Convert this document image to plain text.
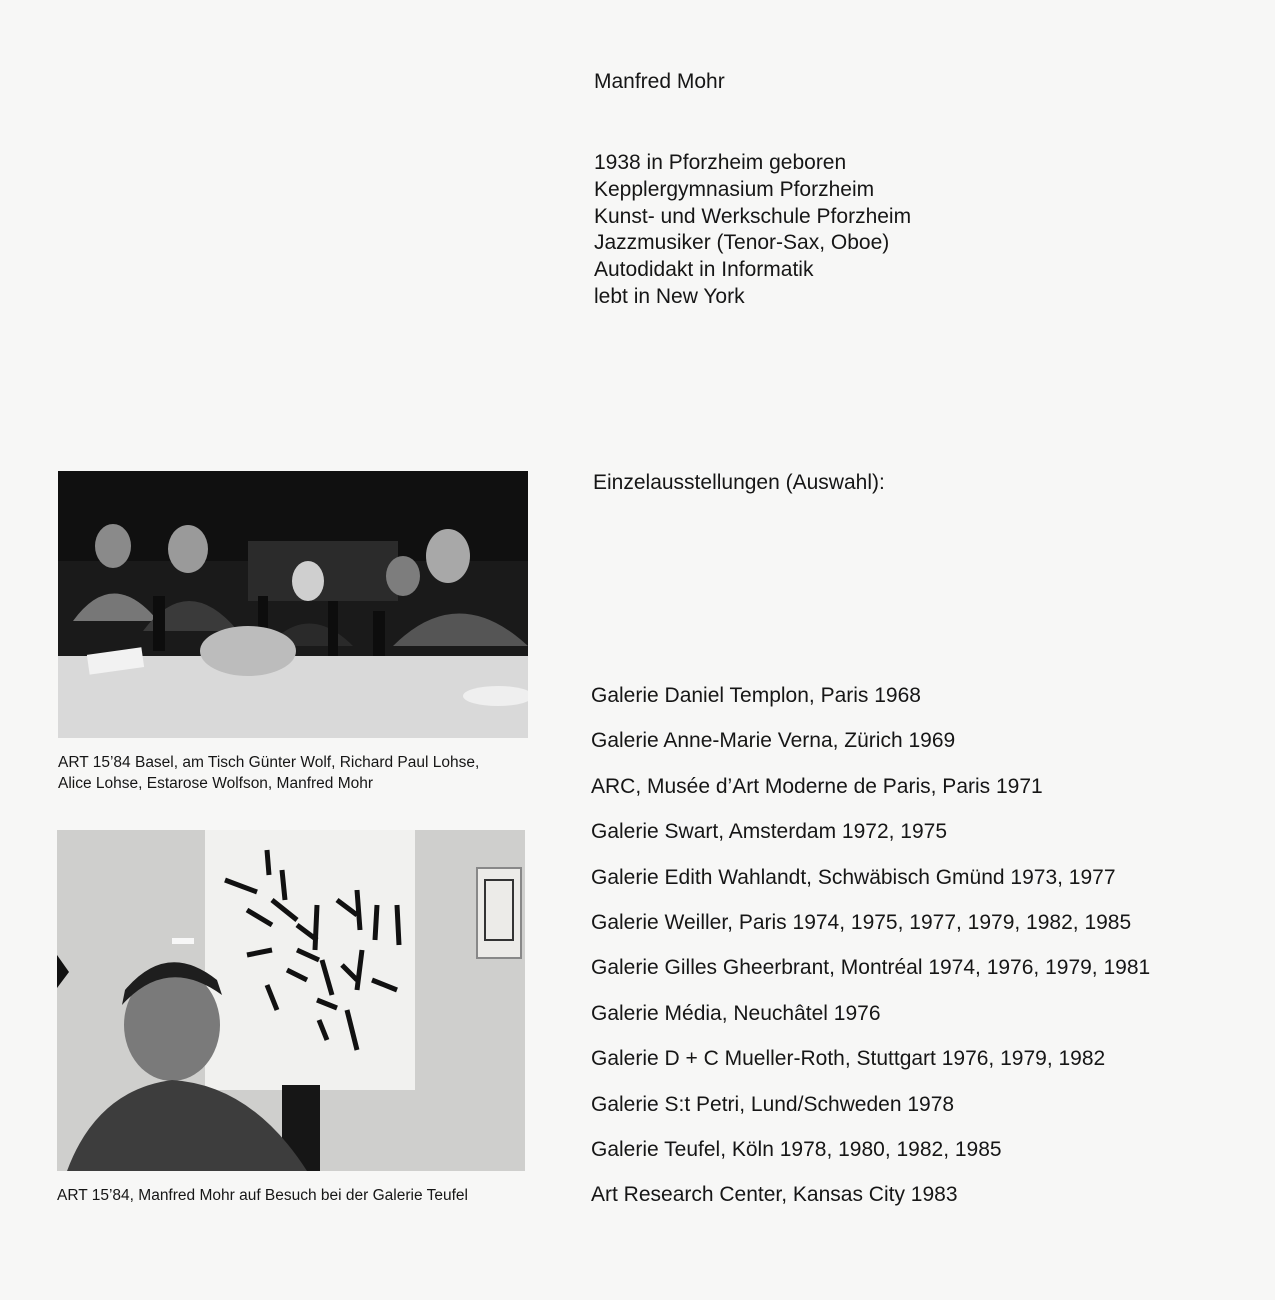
Manfred Mohr
1938 in Pforzheim geboren
Kepplergymnasium Pforzheim
Kunst- und Werkschule Pforzheim
Jazzmusiker (Tenor-Sax, Oboe)
Autodidakt in Informatik
lebt in New York
Einzelausstellungen (Auswahl):
Galerie Daniel Templon, Paris 1968
Galerie Anne-Marie Verna, Zürich 1969
ARC, Musée d’Art Moderne de Paris, Paris 1971
Galerie Swart, Amsterdam 1972, 1975
Galerie Edith Wahlandt, Schwäbisch Gmünd 1973, 1977
Galerie Weiller, Paris 1974, 1975, 1977, 1979, 1982, 1985
Galerie Gilles Gheerbrant, Montréal 1974, 1976, 1979, 1981
Galerie Média, Neuchâtel 1976
Galerie D + C Mueller-Roth, Stuttgart 1976, 1979, 1982
Galerie S:t Petri, Lund/Schweden 1978
Galerie Teufel, Köln 1978, 1980, 1982, 1985
Art Research Center, Kansas City 1983
ART 15’84 Basel, am Tisch Günter Wolf, Richard Paul Lohse,
Alice Lohse, Estarose Wolfson, Manfred Mohr
ART 15’84, Manfred Mohr auf Besuch bei der Galerie Teufel
